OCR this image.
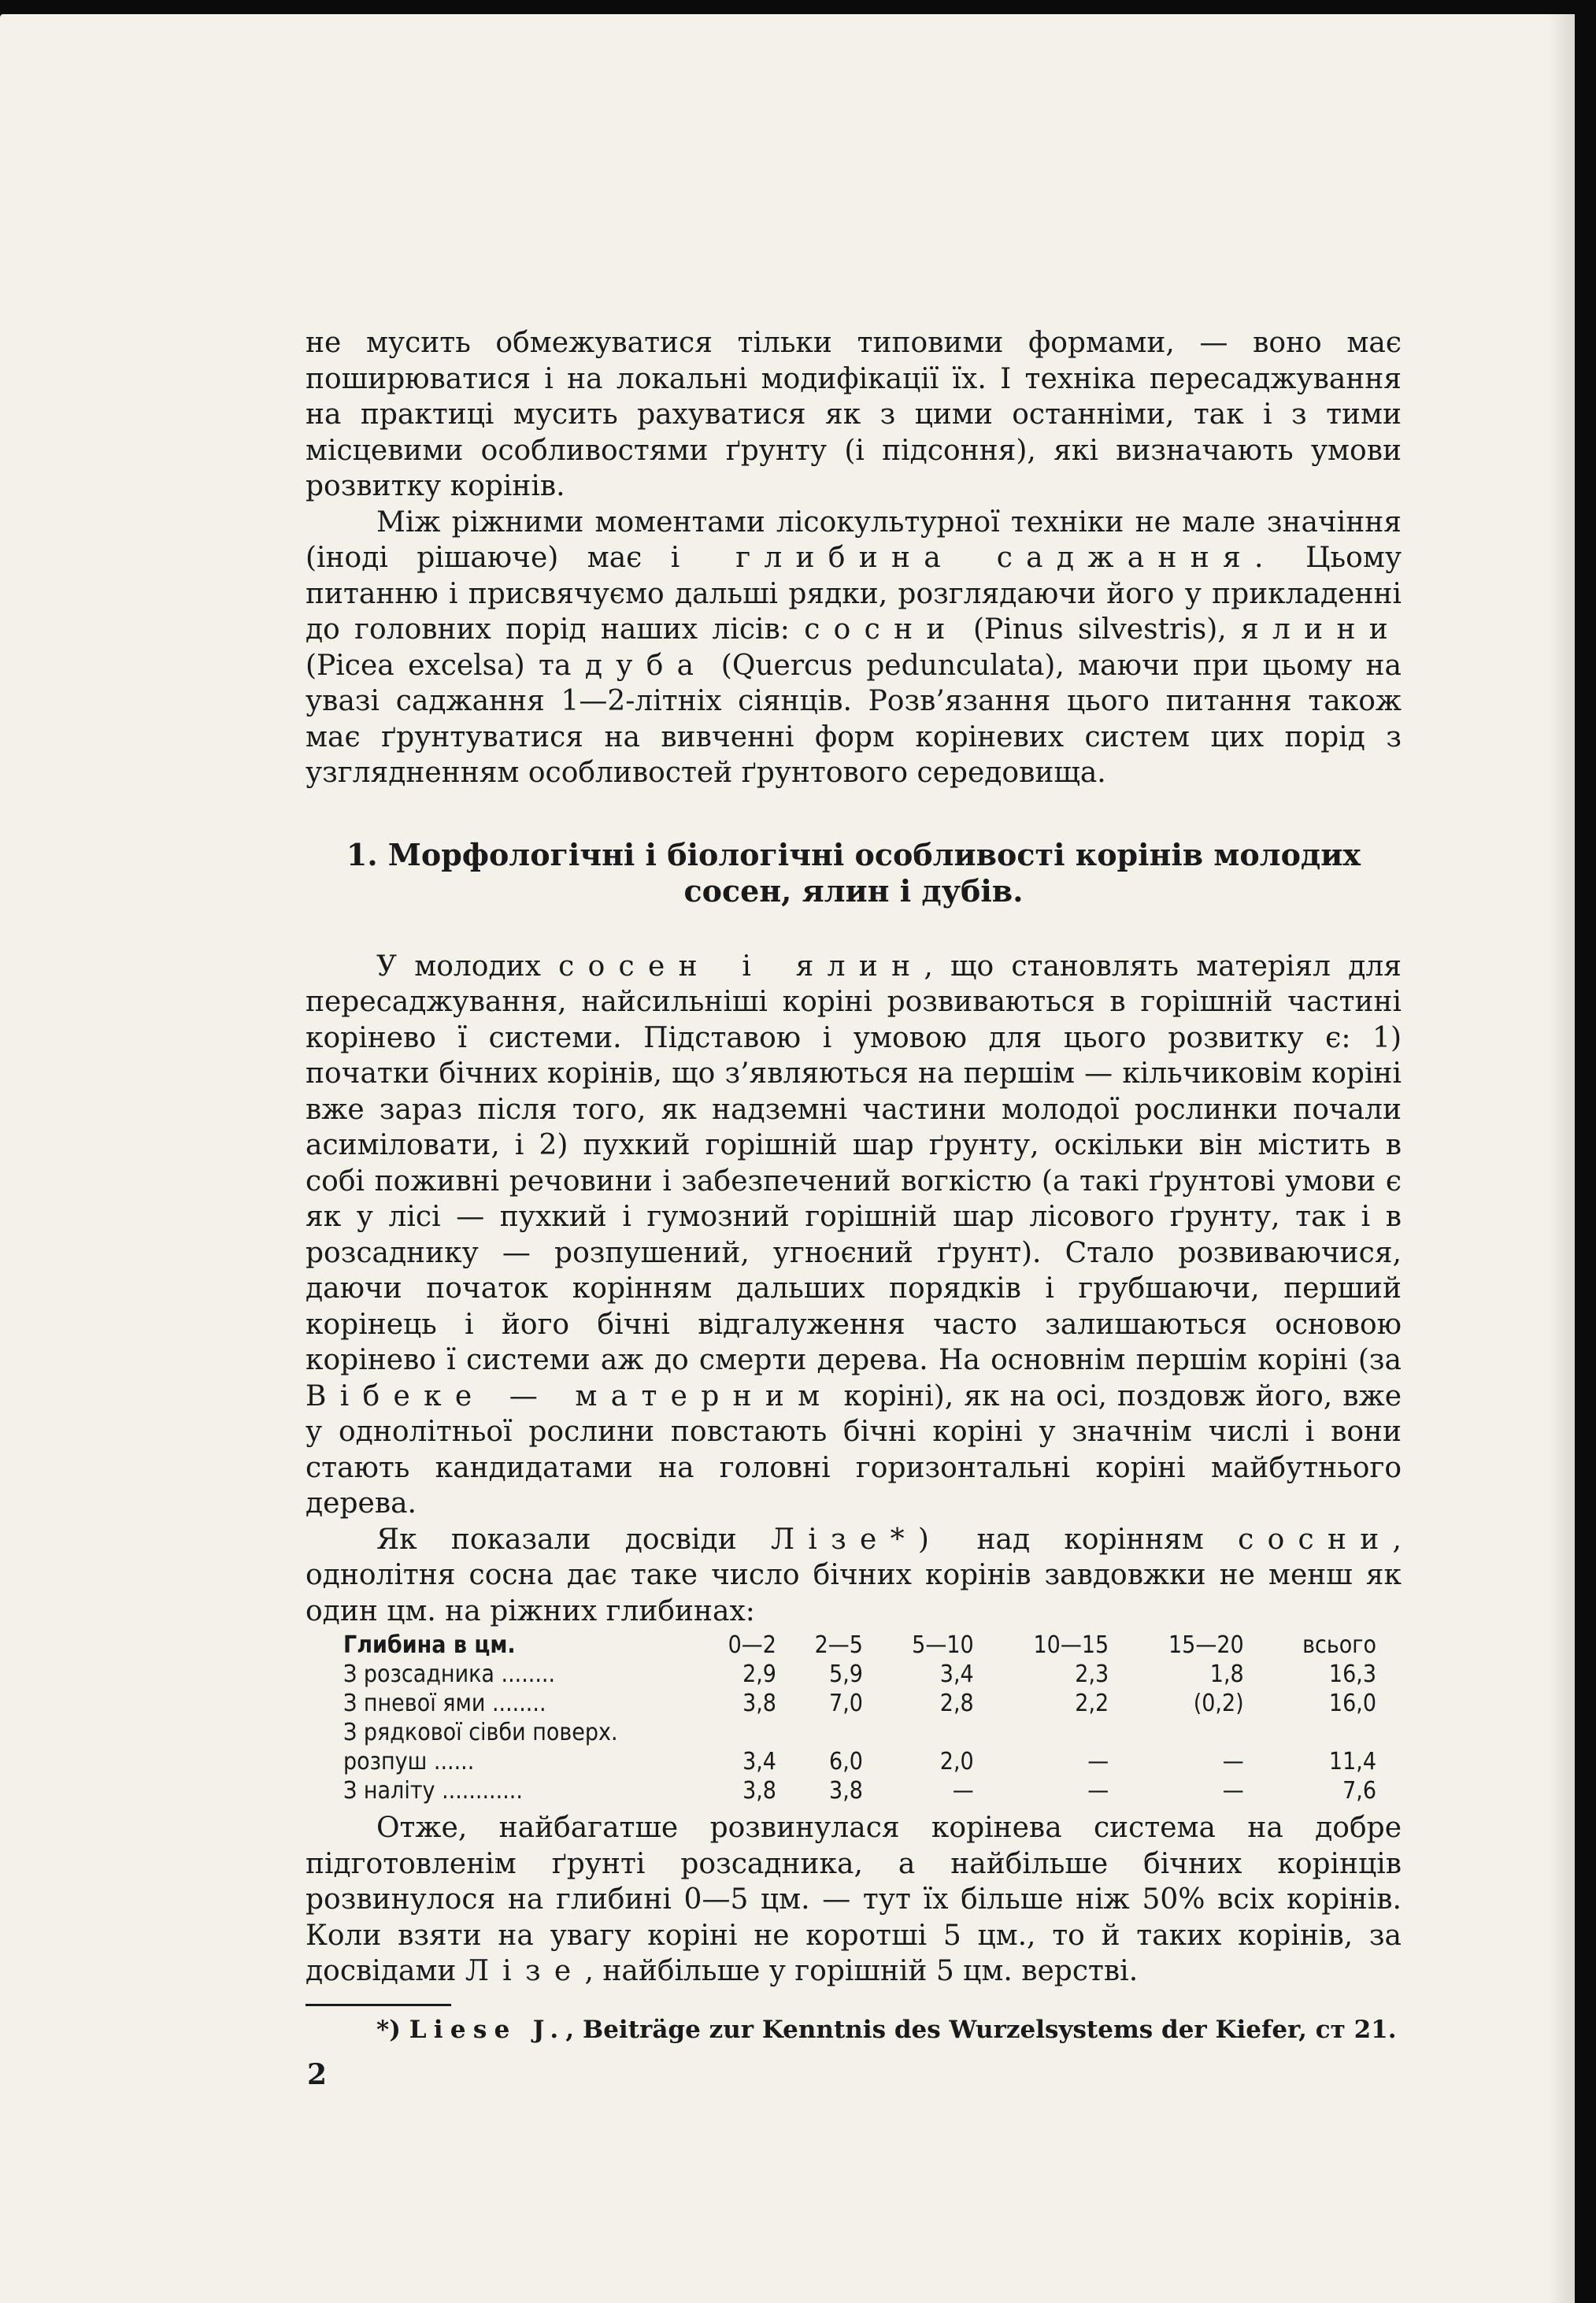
не мусить обмежуватися тільки типовими формами, — воно має поширюватися і на локальні модифікації їх. І техніка пересаджування на практиці мусить рахуватися як з цими останніми, так і з тими місцевими особливостями ґрунту (і підсоння), які визначають умови розвитку корінів.

Між ріжними моментами лісокультурної техніки не мале значіння (іноді рішаюче) має і глибина саджання. Цьому питанню і присвячуємо дальші рядки, розглядаючи його у прикладенні до головних порід наших лісів: сосни (Pinus silvestris), ялини (Picea excelsa) та дуба (Quercus pedunculata), маючи при цьому на увазі саджання 1—2-літніх сіянців. Розв’язання цього питання також має ґрунтуватися на вивченні форм коріневих систем цих порід з узглядненням особливостей ґрунтового середовища.

1. Морфологічні і біологічні особливості корінів молодих сосен, ялин і дубів.

У молодих сосен і ялин, що становлять матеріял для пересаджування, найсильніші коріні розвиваються в горішній частині корінево ї системи. Підставою і умовою для цього розвитку є: 1) початки бічних корінів, що з’являються на першім — кільчиковім корінi вже зараз після того, як надземні частини молодої рослинки почали асиміловати, і 2) пухкий горішній шар ґрунту, оскільки він містить в собі поживні речовини і забезпечений вогкістю (а такі ґрунтові умови є як у лісі — пухкий і гумозний горішній шар лісового ґрунту, так і в розсаднику — розпушений, угноєний ґрунт). Стало розвиваючися, даючи початок корінням дальших порядків і грубшаючи, перший корінець і його бічні відгалуження часто залишаються основою корінево ї системи аж до смерти дерева. На основнім першім корінi (за Вібеке — матерним корінi), як на осі, поздовж його, вже у однолітньої рослини повстають бічні коріні у значнім числі і вони стають кандидатами на головні горизонтальні коріні майбутнього дерева.

Як показали досвіди Лізе*) над корінням сосни, однолітня сосна дає таке число бічних корінів завдовжки не менш як один цм. на ріжних глибинах:

Глибина в цм.	0—2	2—5	5—10	10—15	15—20	всього
З розсадника ........	2,9	5,9	3,4	2,3	1,8	16,3
З пневої ями ........	3,8	7,0	2,8	2,2	(0,2)	16,0
З рядкової сівби поверх. розпуш ......	3,4	6,0	2,0	—	—	11,4
З наліту ............	3,8	3,8	—	—	—	7,6

Отже, найбагатше розвинулася корінева система на добре підготовленім ґрунті розсадника, а найбільше бічних корінців розвинулося на глибині 0—5 цм. — тут їх більше ніж 50% всіх корінів. Коли взяти на увагу коріні не коротші 5 цм., то й таких корінів, за досвідами Лізе, найбільше у горішній 5 цм. верстві.

*) Liese J., Beiträge zur Kenntnis des Wurzelsystems der Kiefer, ст 21.
2
